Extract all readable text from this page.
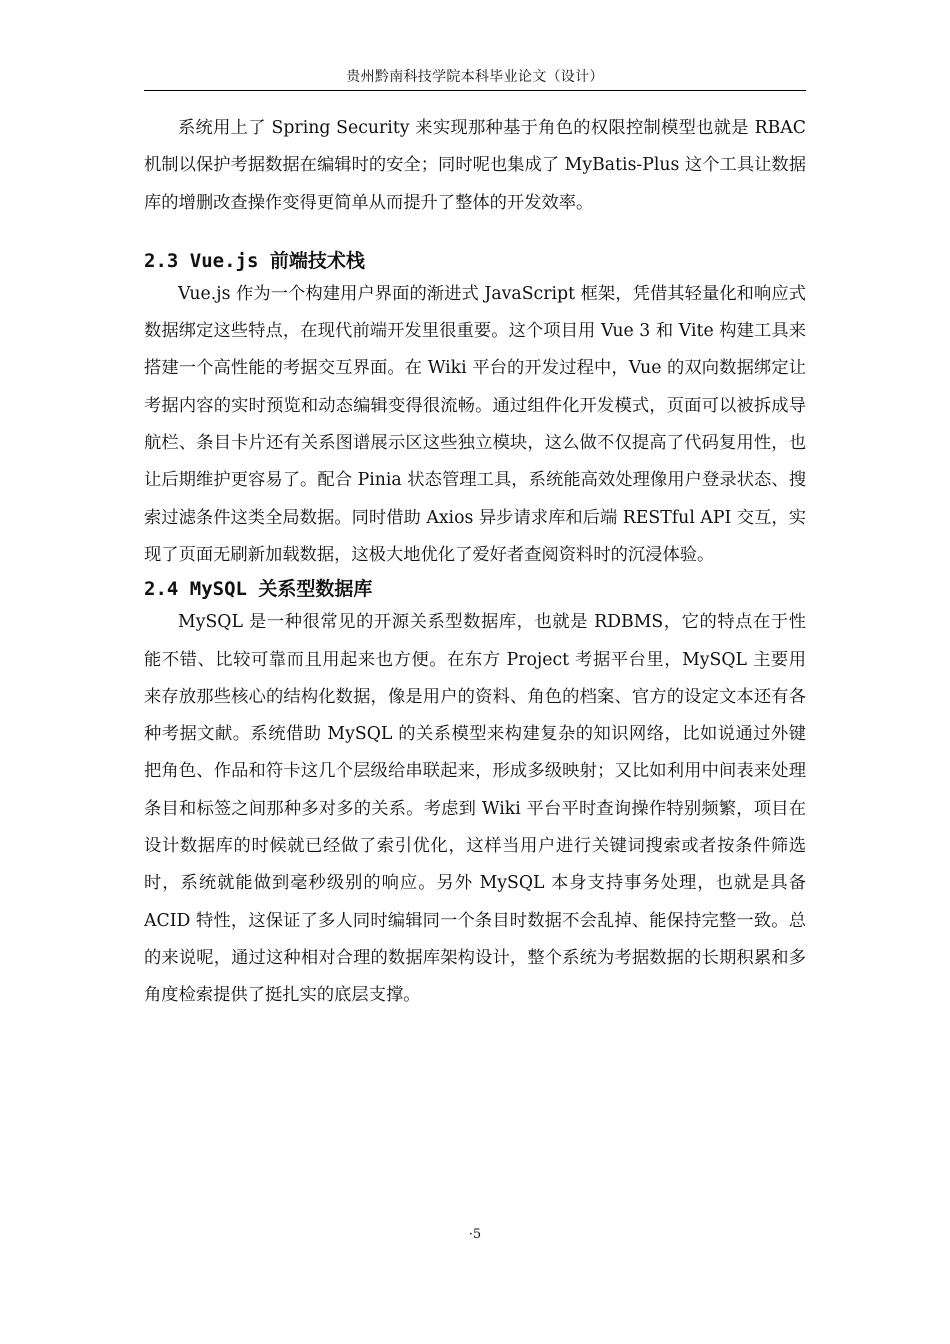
贵州黔南科技学院本科毕业论文（设计）

系统用上了 Spring Security 来实现那种基于角色的权限控制模型也就是 RBAC 机制以保护考据数据在编辑时的安全；同时呢也集成了 MyBatis-Plus 这个工具让数据库的增删改查操作变得更简单从而提升了整体的开发效率。

2.3 Vue.js 前端技术栈

Vue.js 作为一个构建用户界面的渐进式 JavaScript 框架，凭借其轻量化和响应式数据绑定这些特点，在现代前端开发里很重要。这个项目用 Vue 3 和 Vite 构建工具来搭建一个高性能的考据交互界面。在 Wiki 平台的开发过程中，Vue 的双向数据绑定让考据内容的实时预览和动态编辑变得很流畅。通过组件化开发模式，页面可以被拆成导航栏、条目卡片还有关系图谱展示区这些独立模块，这么做不仅提高了代码复用性，也让后期维护更容易了。配合 Pinia 状态管理工具，系统能高效处理像用户登录状态、搜索过滤条件这类全局数据。同时借助 Axios 异步请求库和后端 RESTful API 交互，实现了页面无刷新加载数据，这极大地优化了爱好者查阅资料时的沉浸体验。

2.4 MySQL 关系型数据库

MySQL 是一种很常见的开源关系型数据库，也就是 RDBMS，它的特点在于性能不错、比较可靠而且用起来也方便。在东方 Project 考据平台里，MySQL 主要用来存放那些核心的结构化数据，像是用户的资料、角色的档案、官方的设定文本还有各种考据文献。系统借助 MySQL 的关系模型来构建复杂的知识网络，比如说通过外键把角色、作品和符卡这几个层级给串联起来，形成多级映射；又比如利用中间表来处理条目和标签之间那种多对多的关系。考虑到 Wiki 平台平时查询操作特别频繁，项目在设计数据库的时候就已经做了索引优化，这样当用户进行关键词搜索或者按条件筛选时，系统就能做到毫秒级别的响应。另外 MySQL 本身支持事务处理，也就是具备 ACID 特性，这保证了多人同时编辑同一个条目时数据不会乱掉、能保持完整一致。总的来说呢，通过这种相对合理的数据库架构设计，整个系统为考据数据的长期积累和多角度检索提供了挺扎实的底层支撑。

·5
